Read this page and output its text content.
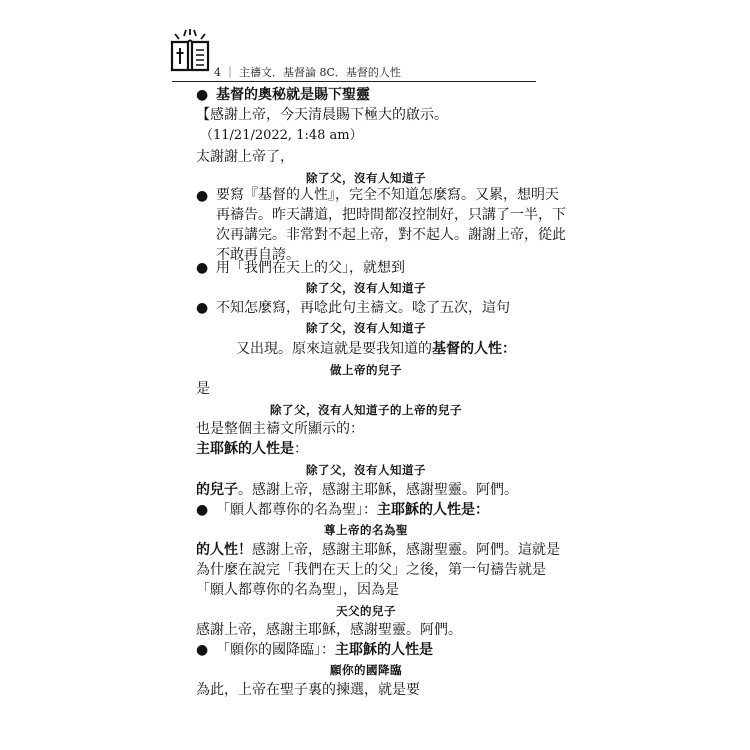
4 ｜ 主禱文．基督論 8C．基督的人性
● 基督的奧秘就是賜下聖靈
【感謝上帝，今天清晨賜下極大的啟示。
（11/21/2022, 1:48 am）
太謝謝上帝了，
除了父，沒有人知道子
● 要寫『基督的人性』，完全不知道怎麼寫。又累，想明天
再禱告。昨天講道，把時間都沒控制好，只講了一半，下
次再講完。非常對不起上帝，對不起人。謝謝上帝，從此
不敢再自誇。
● 用「我們在天上的父」，就想到
除了父，沒有人知道子
● 不知怎麼寫，再唸此句主禱文。唸了五次，這句
除了父，沒有人知道子
又出現。原來這就是要我知道的基督的人性：
做上帝的兒子
是
除了父，沒有人知道子的上帝的兒子
也是整個主禱文所顯示的：
主耶穌的人性是：
除了父，沒有人知道子
的兒子。感謝上帝，感謝主耶穌，感謝聖靈。阿們。
● 「願人都尊你的名為聖」：主耶穌的人性是：
尊上帝的名為聖
的人性！感謝上帝，感謝主耶穌，感謝聖靈。阿們。這就是
為什麼在說完「我們在天上的父」之後，第一句禱告就是
「願人都尊你的名為聖」，因為是
天父的兒子
感謝上帝，感謝主耶穌，感謝聖靈。阿們。
● 「願你的國降臨」：主耶穌的人性是
願你的國降臨
為此，上帝在聖子裏的揀選，就是要
